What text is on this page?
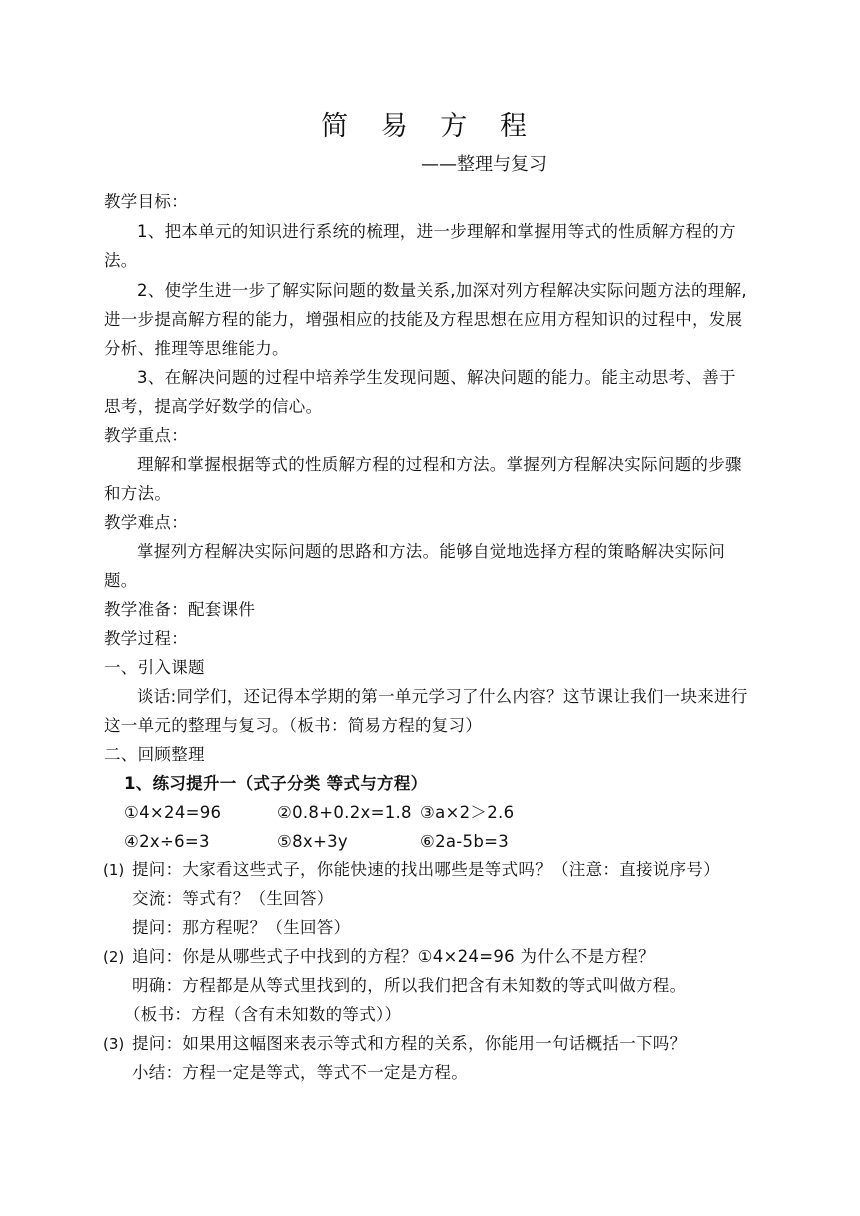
简 易 方 程
——整理与复习
教学目标：
1、把本单元的知识进行系统的梳理，进一步理解和掌握用等式的性质解方程的方
法。
2、使学生进一步了解实际问题的数量关系,加深对列方程解决实际问题方法的理解,
进一步提高解方程的能力，增强相应的技能及方程思想在应用方程知识的过程中，发展
分析、推理等思维能力。
3、在解决问题的过程中培养学生发现问题、解决问题的能力。能主动思考、善于
思考，提高学好数学的信心。
教学重点：
理解和掌握根据等式的性质解方程的过程和方法。掌握列方程解决实际问题的步骤
和方法。
教学难点：
掌握列方程解决实际问题的思路和方法。能够自觉地选择方程的策略解决实际问
题。
教学准备：配套课件
教学过程：
一、引入课题
谈话:同学们，还记得本学期的第一单元学习了什么内容？这节课让我们一块来进行
这一单元的整理与复习。（板书：简易方程的复习）
二、回顾整理
1、练习提升一（式子分类 等式与方程）
①4×24=96	②0.8+0.2x=1.8 ③a×2＞2.6
④2x÷6=3	⑤8x+3y	⑥2a-5b=3
(1) 提问：大家看这些式子，你能快速的找出哪些是等式吗？（注意：直接说序号）
交流：等式有？（生回答）
提问：那方程呢？（生回答）
(2) 追问：你是从哪些式子中找到的方程？①4×24=96 为什么不是方程？
明确：方程都是从等式里找到的，所以我们把含有未知数的等式叫做方程。
（板书：方程（含有未知数的等式））
(3) 提问：如果用这幅图来表示等式和方程的关系，你能用一句话概括一下吗？
小结：方程一定是等式，等式不一定是方程。
